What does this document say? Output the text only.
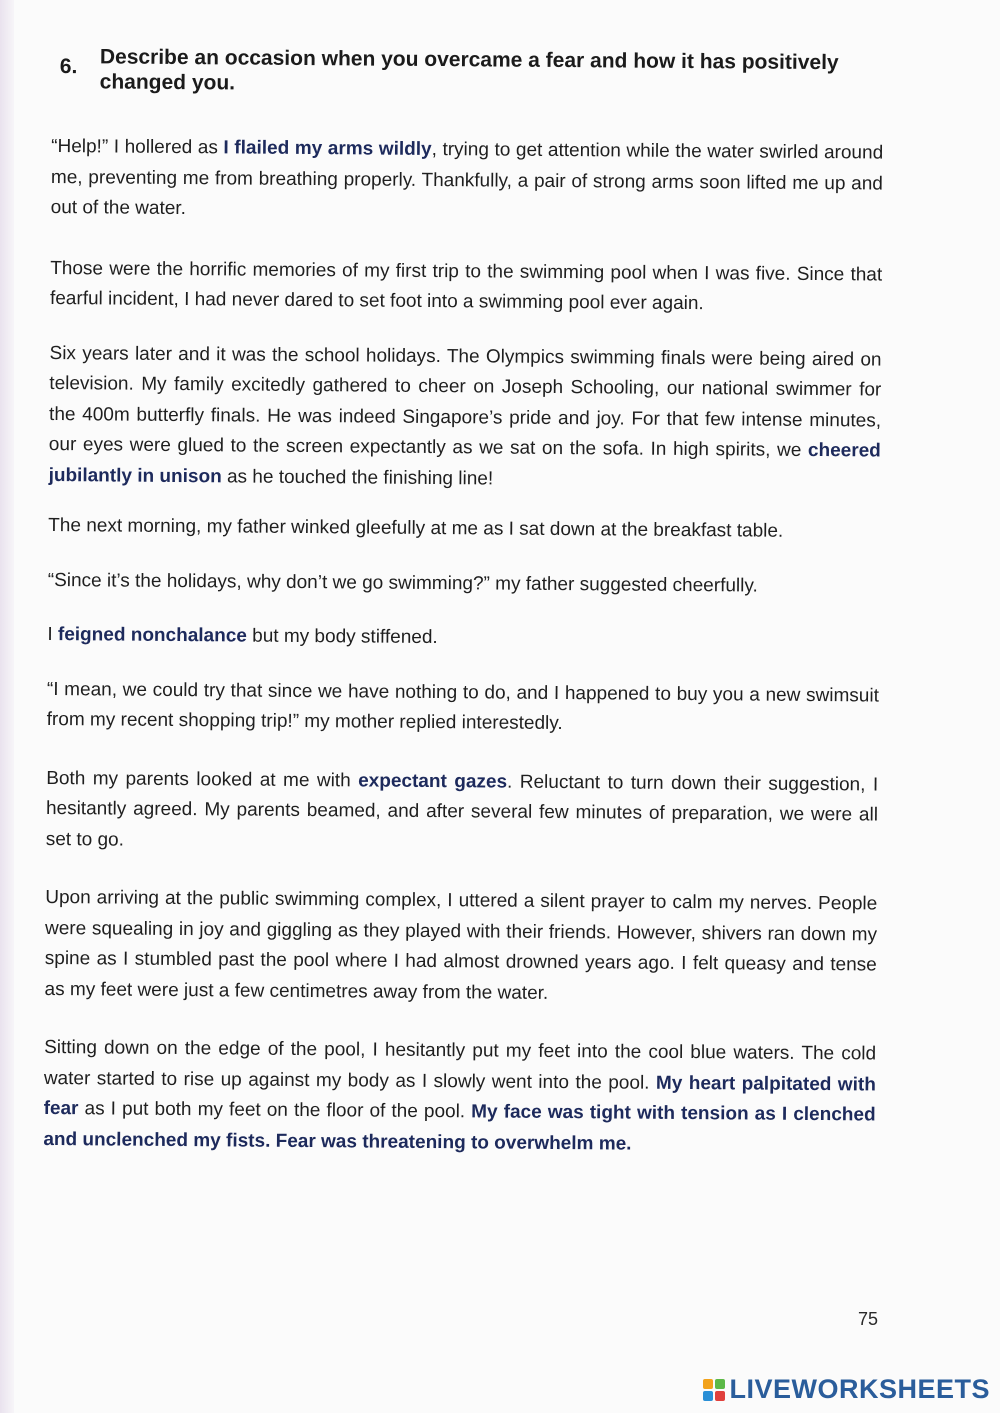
6.	Describe an occasion when you overcame a fear and how it has positively changed you.
“Help!” I hollered as I flailed my arms wildly, trying to get attention while the water swirled around me, preventing me from breathing properly. Thankfully, a pair of strong arms soon lifted me up and out of the water.
Those were the horrific memories of my first trip to the swimming pool when I was five. Since that fearful incident, I had never dared to set foot into a swimming pool ever again.
Six years later and it was the school holidays. The Olympics swimming finals were being aired on television. My family excitedly gathered to cheer on Joseph Schooling, our national swimmer for the 400m butterfly finals. He was indeed Singapore’s pride and joy. For that few intense minutes, our eyes were glued to the screen expectantly as we sat on the sofa. In high spirits, we cheered jubilantly in unison as he touched the finishing line!
The next morning, my father winked gleefully at me as I sat down at the breakfast table.
“Since it’s the holidays, why don’t we go swimming?” my father suggested cheerfully.
I feigned nonchalance but my body stiffened.
“I mean, we could try that since we have nothing to do, and I happened to buy you a new swimsuit from my recent shopping trip!” my mother replied interestedly.
Both my parents looked at me with expectant gazes. Reluctant to turn down their suggestion, I hesitantly agreed. My parents beamed, and after several few minutes of preparation, we were all set to go.
Upon arriving at the public swimming complex, I uttered a silent prayer to calm my nerves. People were squealing in joy and giggling as they played with their friends. However, shivers ran down my spine as I stumbled past the pool where I had almost drowned years ago. I felt queasy and tense as my feet were just a few centimetres away from the water.
Sitting down on the edge of the pool, I hesitantly put my feet into the cool blue waters. The cold water started to rise up against my body as I slowly went into the pool. My heart palpitated with fear as I put both my feet on the floor of the pool. My face was tight with tension as I clenched and unclenched my fists. Fear was threatening to overwhelm me.
75
LIVEWORKSHEETS
